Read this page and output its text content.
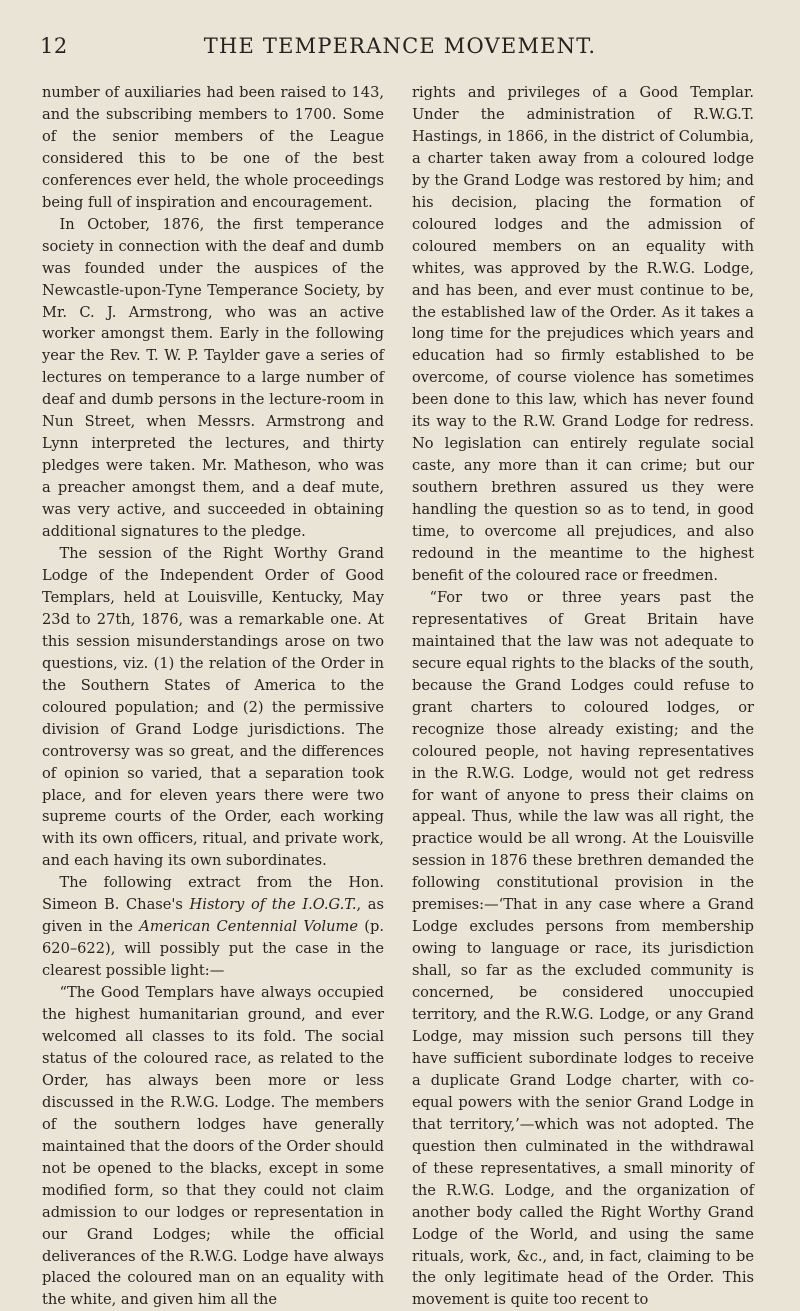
12	THE TEMPERANCE MOVEMENT.

number of auxiliaries had been raised to 143, and the subscribing members to 1700. Some of the senior members of the League considered this to be one of the best conferences ever held, the whole proceedings being full of inspiration and encouragement.

In October, 1876, the first temperance society in connection with the deaf and dumb was founded under the auspices of the Newcastle-upon-Tyne Temperance Society, by Mr. C. J. Armstrong, who was an active worker amongst them. Early in the following year the Rev. T. W. P. Taylder gave a series of lectures on temperance to a large number of deaf and dumb persons in the lecture-room in Nun Street, when Messrs. Armstrong and Lynn interpreted the lectures, and thirty pledges were taken. Mr. Matheson, who was a preacher amongst them, and a deaf mute, was very active, and succeeded in obtaining additional signatures to the pledge.

The session of the Right Worthy Grand Lodge of the Independent Order of Good Templars, held at Louisville, Kentucky, May 23d to 27th, 1876, was a remarkable one. At this session misunderstandings arose on two questions, viz. (1) the relation of the Order in the Southern States of America to the coloured population; and (2) the permissive division of Grand Lodge jurisdictions. The controversy was so great, and the differences of opinion so varied, that a separation took place, and for eleven years there were two supreme courts of the Order, each working with its own officers, ritual, and private work, and each having its own subordinates.

The following extract from the Hon. Simeon B. Chase's History of the I.O.G.T., as given in the American Centennial Volume (p. 620–622), will possibly put the case in the clearest possible light:—

“The Good Templars have always occupied the highest humanitarian ground, and ever welcomed all classes to its fold. The social status of the coloured race, as related to the Order, has always been more or less discussed in the R.W.G. Lodge. The members of the southern lodges have generally maintained that the doors of the Order should not be opened to the blacks, except in some modified form, so that they could not claim admission to our lodges or representation in our Grand Lodges; while the official deliverances of the R.W.G. Lodge have always placed the coloured man on an equality with the white, and given him all the

rights and privileges of a Good Templar. Under the administration of R.W.G.T. Hastings, in 1866, in the district of Columbia, a charter taken away from a coloured lodge by the Grand Lodge was restored by him; and his decision, placing the formation of coloured lodges and the admission of coloured members on an equality with whites, was approved by the R.W.G. Lodge, and has been, and ever must continue to be, the established law of the Order. As it takes a long time for the prejudices which years and education had so firmly established to be overcome, of course violence has sometimes been done to this law, which has never found its way to the R.W. Grand Lodge for redress. No legislation can entirely regulate social caste, any more than it can crime; but our southern brethren assured us they were handling the question so as to tend, in good time, to overcome all prejudices, and also redound in the meantime to the highest benefit of the coloured race or freedmen.

“For two or three years past the representatives of Great Britain have maintained that the law was not adequate to secure equal rights to the blacks of the south, because the Grand Lodges could refuse to grant charters to coloured lodges, or recognize those already existing; and the coloured people, not having representatives in the R.W.G. Lodge, would not get redress for want of anyone to press their claims on appeal. Thus, while the law was all right, the practice would be all wrong. At the Louisville session in 1876 these brethren demanded the following constitutional provision in the premises:—‘That in any case where a Grand Lodge excludes persons from membership owing to language or race, its jurisdiction shall, so far as the excluded community is concerned, be considered unoccupied territory, and the R.W.G. Lodge, or any Grand Lodge, may mission such persons till they have sufficient subordinate lodges to receive a duplicate Grand Lodge charter, with co-equal powers with the senior Grand Lodge in that territory,’—which was not adopted. The question then culminated in the withdrawal of these representatives, a small minority of the R.W.G. Lodge, and the organization of another body called the Right Worthy Grand Lodge of the World, and using the same rituals, work, &c., and, in fact, claiming to be the only legitimate head of the Order. This movement is quite too recent to
